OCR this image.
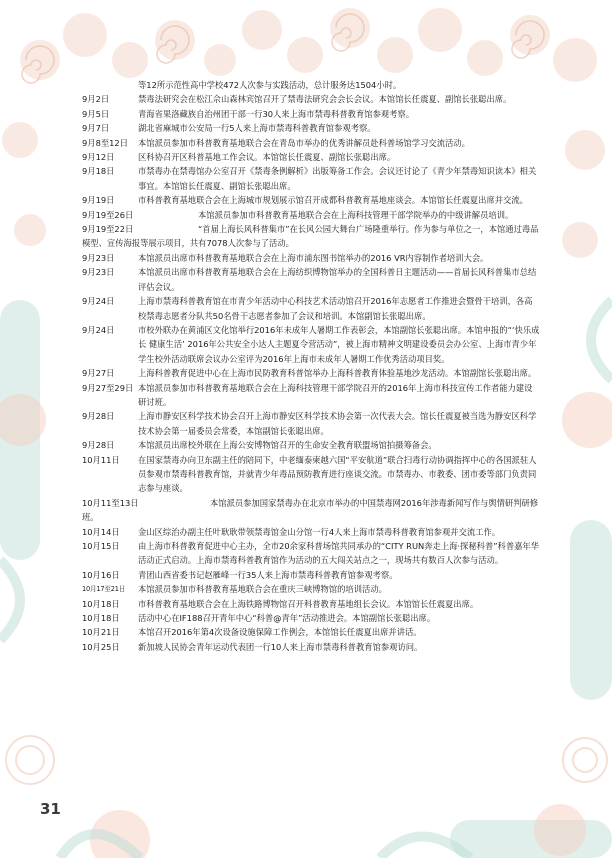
等12所示范性高中学校472人次参与实践活动，总计服务达1504小时。
9月2日	禁毒法研究会在松江佘山森林宾馆召开了禁毒法研究会会长会议。本馆馆长任震夏、副馆长张聪出席。
9月5日	青海省果洛藏族自治州团干部一行30人来上海市禁毒科普教育馆参观考察。
9月7日	湖北省麻城市公安局一行5人来上海市禁毒科普教育馆参观考察。
9月8至12日	本馆派员参加市科普教育基地联合会在青岛市举办的优秀讲解员赴科普场馆学习交流活动。
9月12日	区科协召开区科普基地工作会议。本馆馆长任震夏、副馆长张聪出席。
9月18日	市禁毒办在禁毒馆办公室召开《禁毒条例解析》出版筹备工作会。会议还讨论了《青少年禁毒知识读本》相关事宜。本馆馆长任震夏、副馆长张聪出席。
9月19日	市科普教育基地联合会在上海城市规划展示馆召开成都科普教育基地座谈会。本馆馆长任震夏出席并交流。
9月19至26日	本馆派员参加市科普教育基地联合会在上海科技管理干部学院举办的中级讲解员培训。
9月19至22日	“首届上海长风科普集市”在长风公园大舞台广场隆重举行。作为参与单位之一，本馆通过毒品模型、宣传海报等展示项目，共有7078人次参与了活动。
9月23日	本馆派员出席市科普教育基地联合会在上海市浦东图书馆举办的2016 VR内容制作者培训大会。
9月23日	本馆派员出席市科普教育基地联合会在上海纺织博物馆举办的全国科普日主题活动——首届长风科普集市总结评估会议。
9月24日	上海市禁毒科普教育馆在市青少年活动中心科技艺术活动馆召开2016年志愿者工作推进会暨骨干培训，各高校禁毒志愿者分队共50名骨干志愿者参加了会议和培训。本馆副馆长张聪出席。
9月24日	市校外联办在黄浦区文化馆举行2016年未成年人暑期工作表彰会，本馆副馆长张聪出席。本馆申报的“‘快乐成长 健康生活’ 2016年公共安全小达人主题夏令营活动”，被上海市精神文明建设委员会办公室、上海市青少年学生校外活动联席会议办公室评为2016年上海市未成年人暑期工作优秀活动项目奖。
9月27日	上海科普教育促进中心在上海市民防教育科普馆举办上海科普教育体验基地沙龙活动。本馆副馆长张聪出席。
9月27至29日 本馆派员参加市科普教育基地联合会在上海科技管理干部学院召开的2016年上海市科技宣传工作者能力建设研讨班。
9月28日	上海市静安区科学技术协会召开上海市静安区科学技术协会第一次代表大会。馆长任震夏被当选为静安区科学技术协会第一届委员会常委，本馆副馆长张聪出席。
9月28日	本馆派员出席校外联在上海公安博物馆召开的生命安全教育联盟场馆拍摄筹备会。
10月11日	在国家禁毒办向卫东副主任的陪同下，中老缅泰柬越六国“平安航道”联合扫毒行动协调指挥中心的各国派驻人员参观市禁毒科普教育馆，并就青少年毒品预防教育进行座谈交流。市禁毒办、市教委、团市委等部门负责同志参与座谈。
10月11至13日	本馆派员参加国家禁毒办在北京市举办的中国禁毒网2016年涉毒新闻写作与舆情研判研修班。
10月14日	金山区综治办副主任叶耿耿带领禁毒馆金山分馆一行4人来上海市禁毒科普教育馆参观并交流工作。
10月15日	由上海市科普教育促进中心主办，全市20余家科普场馆共同承办的“CITY RUN奔走上海·探秘科普”科普嘉年华活动正式启动。上海市禁毒科普教育馆作为活动的五大闯关站点之一，现场共有数百人次参与活动。
10月16日	青团山西省委书记赵雁峰一行35人来上海市禁毒科普教育馆参观考察。
10月17至21日	本馆派员参加市科普教育基地联合会在重庆三峡博物馆的培训活动。
10月18日	市科普教育基地联合会在上海铁路博物馆召开科普教育基地组长会议。本馆馆长任震夏出席。
10月18日	活动中心在IF188召开青年中心“科普@青年”活动推进会。本馆副馆长张聪出席。
10月21日	本馆召开2016年第4次设备设施保障工作例会，本馆馆长任震夏出席并讲话。
10月25日	新加坡人民协会青年运动代表团一行10人来上海市禁毒科普教育馆参观访问。
31
